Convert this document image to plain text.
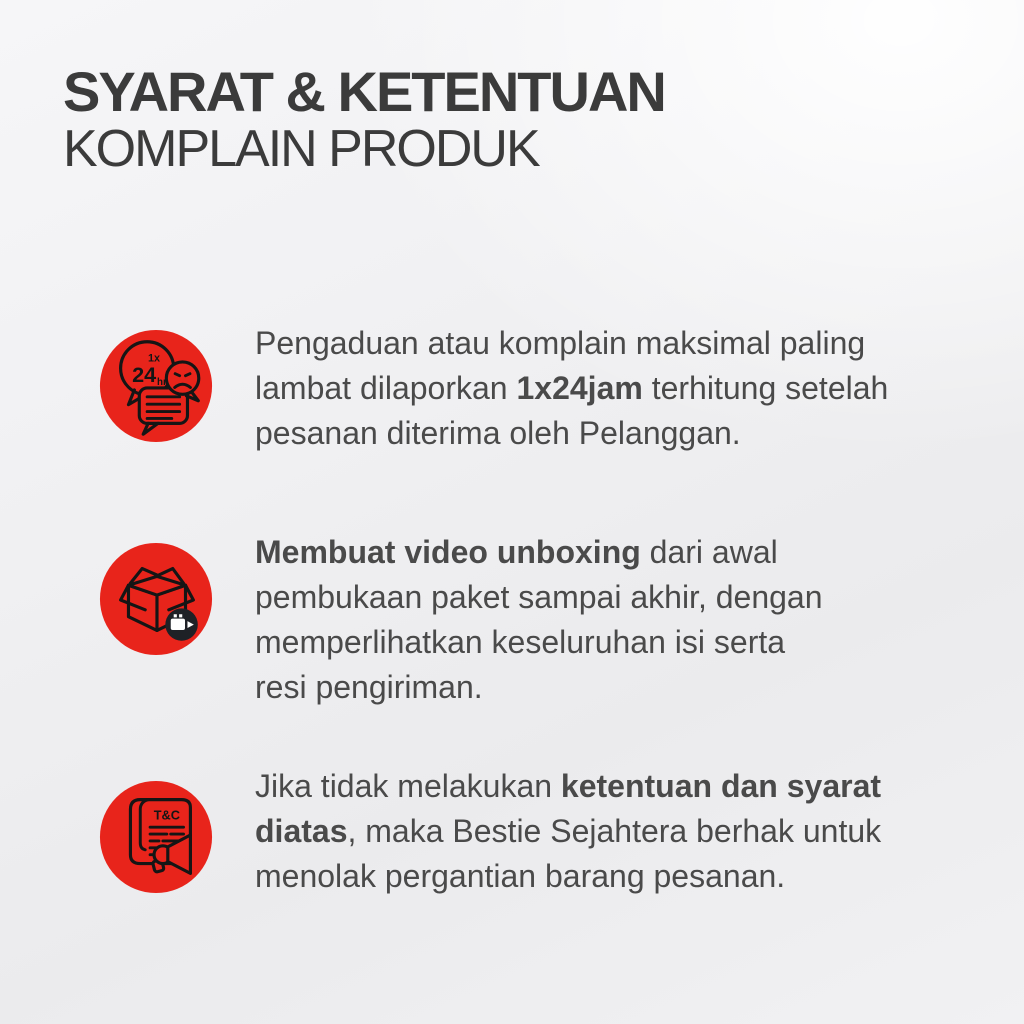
SYARAT & KETENTUAN
KOMPLAIN PRODUK
1x
24 hr

Pengaduan atau komplain maksimal paling
lambat dilaporkan 1x24jam terhitung setelah
pesanan diterima oleh Pelanggan.

Membuat video unboxing dari awal
pembukaan paket sampai akhir, dengan
memperlihatkan keseluruhan isi serta
resi pengiriman.

T&C

Jika tidak melakukan ketentuan dan syarat
diatas, maka Bestie Sejahtera berhak untuk
menolak pergantian barang pesanan.
